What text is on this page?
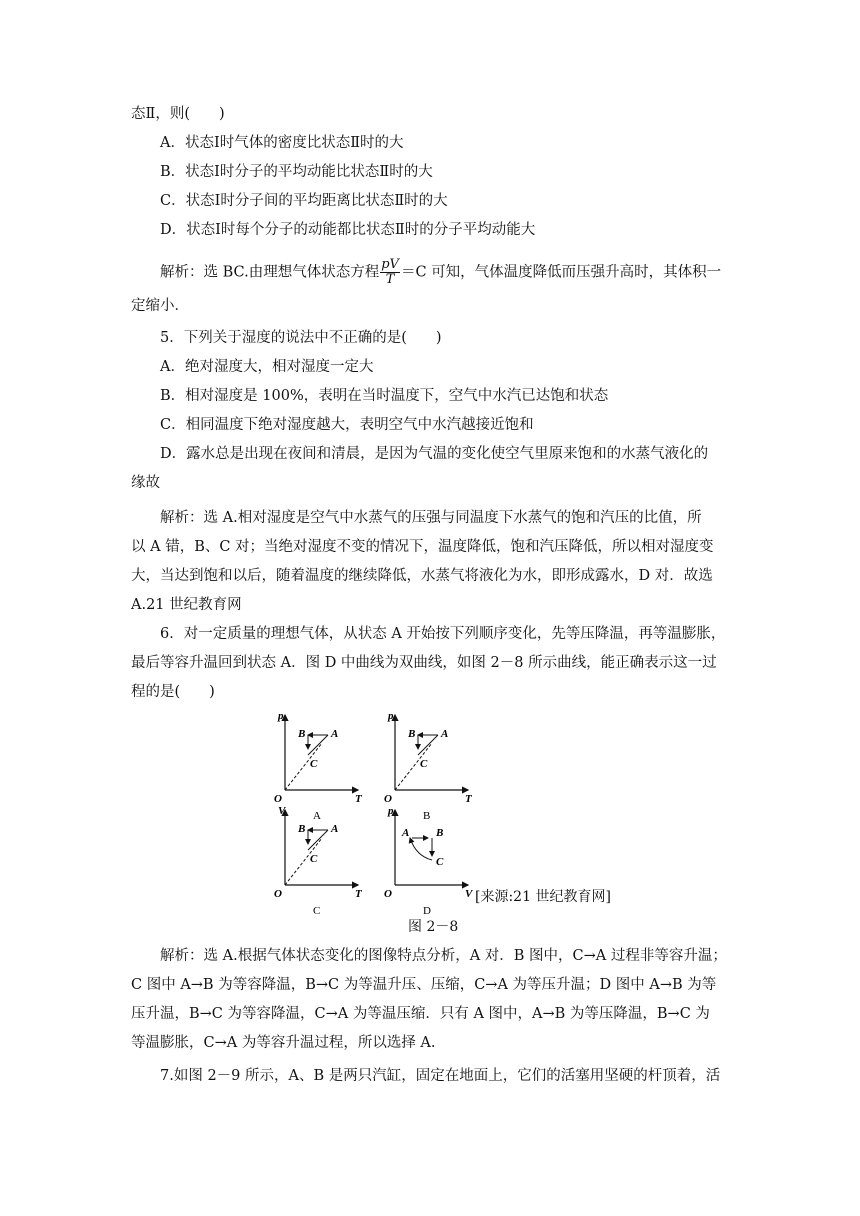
态Ⅱ，则(　　)
A．状态Ⅰ时气体的密度比状态Ⅱ时的大
B．状态Ⅰ时分子的平均动能比状态Ⅱ时的大
C．状态Ⅰ时分子间的平均距离比状态Ⅱ时的大
D．状态Ⅰ时每个分子的动能都比状态Ⅱ时的分子平均动能大
解析：选 BC.由理想气体状态方程 $\frac{pV}{T} =C$ 可知，气体温度降低而压强升高时，其体积一
定缩小．
5．下列关于湿度的说法中不正确的是(　　)
A．绝对湿度大，相对湿度一定大
B．相对湿度是 100%，表明在当时温度下，空气中水汽已达饱和状态
C．相同温度下绝对湿度越大，表明空气中水汽越接近饱和
D．露水总是出现在夜间和清晨，是因为气温的变化使空气里原来饱和的水蒸气液化的
缘故
解析：选 A.相对湿度是空气中水蒸气的压强与同温度下水蒸气的饱和汽压的比值，所
以 A 错，B、C 对；当绝对湿度不变的情况下，温度降低，饱和汽压降低，所以相对湿度变
大，当达到饱和以后，随着温度的继续降低，水蒸气将液化为水，即形成露水，D 对．故选
A.21 世纪教育网
6．对一定质量的理想气体，从状态 A 开始按下列顺序变化，先等压降温，再等温膨胀，
最后等容升温回到状态 A．图 D 中曲线为双曲线，如图 2－8 所示曲线，能正确表示这一过
程的是(　　)
p
T
O
B A
C
A
p
T
O
B A
C
B
V
T
O
B A
C
C
p
V
O
A B
C
D
[来源:21 世纪教育网]
图 2－8
解析：选 A.根据气体状态变化的图像特点分析，A 对．B 图中，C→A 过程非等容升温；
C 图中 A→B 为等容降温，B→C 为等温升压、压缩，C→A 为等压升温；D 图中 A→B 为等
压升温，B→C 为等容降温，C→A 为等温压缩．只有 A 图中，A→B 为等压降温，B→C 为
等温膨胀，C→A 为等容升温过程，所以选择 A.
7.如图 2－9 所示，A、B 是两只汽缸，固定在地面上，它们的活塞用坚硬的杆顶着，活
